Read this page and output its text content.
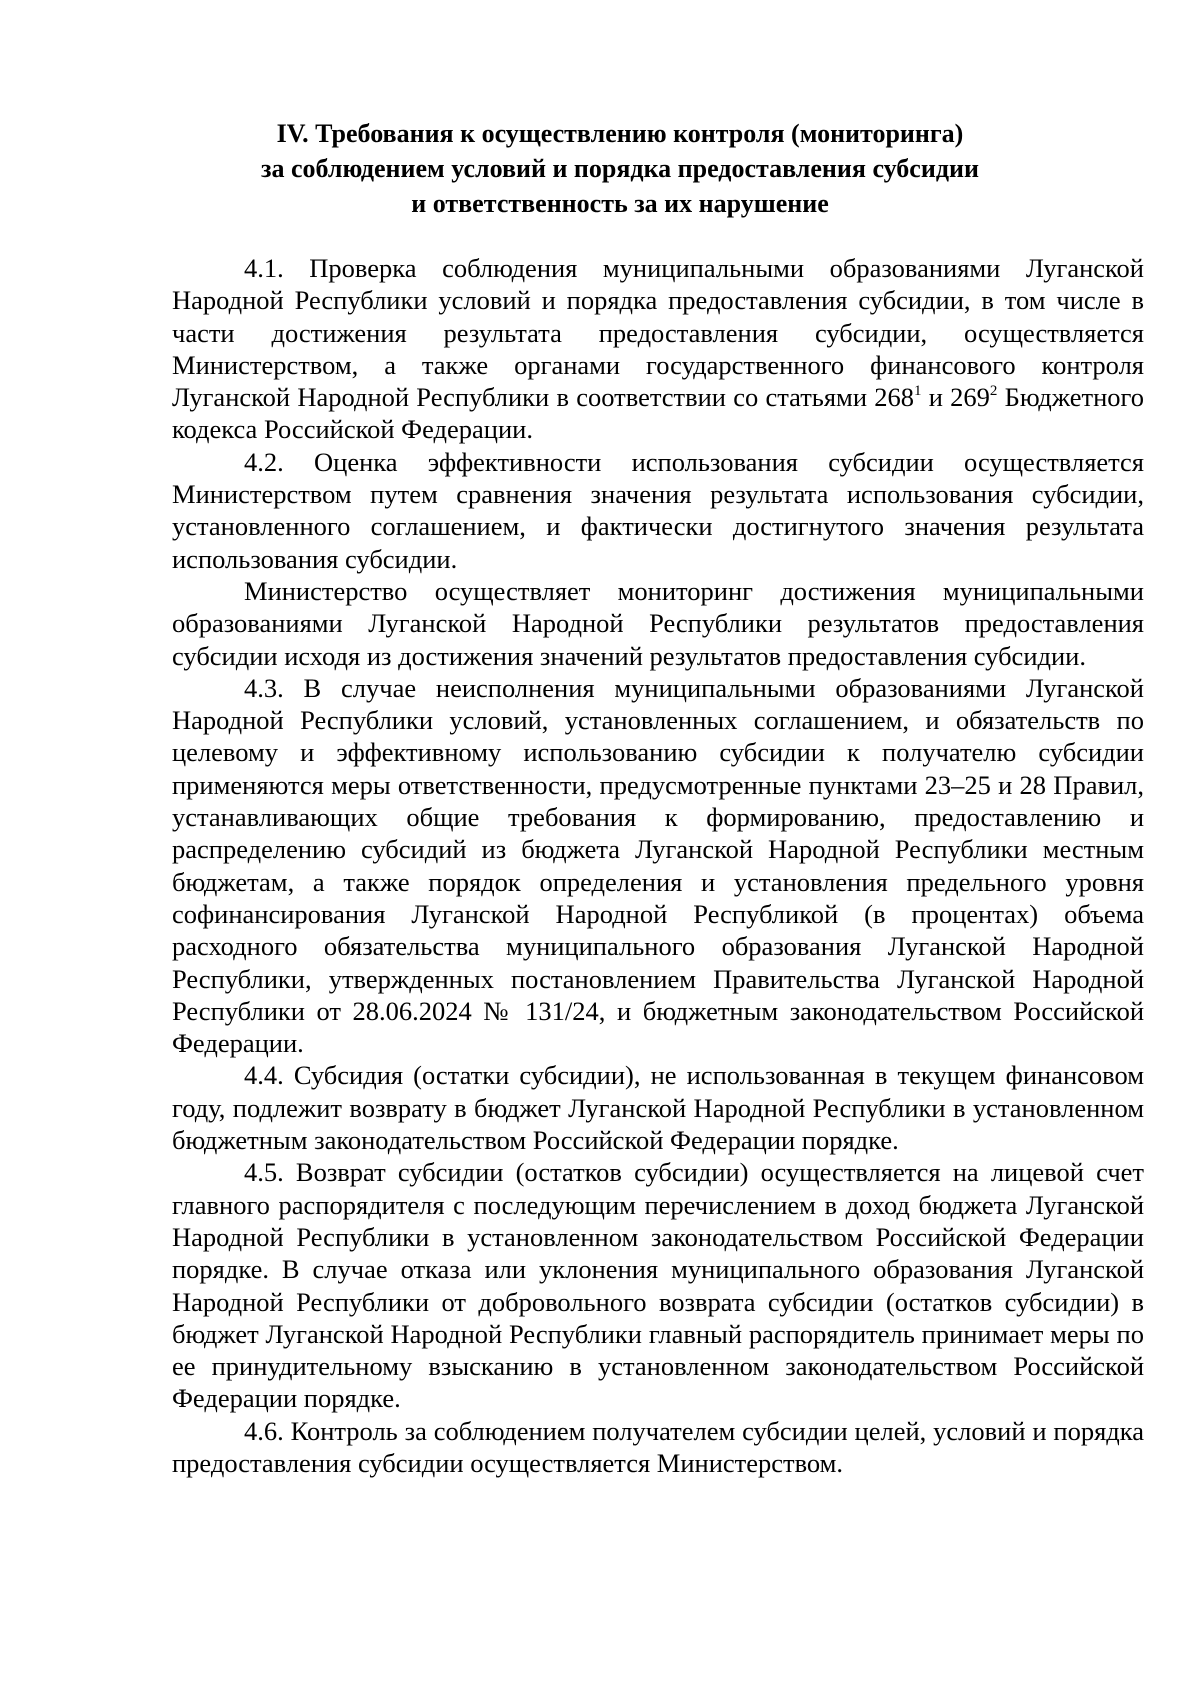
IV. Требования к осуществлению контроля (мониторинга)
за соблюдением условий и порядка предоставления субсидии
и ответственность за их нарушение

4.1. Проверка соблюдения муниципальными образованиями Луганской Народной Республики условий и порядка предоставления субсидии, в том числе в части достижения результата предоставления субсидии, осуществляется Министерством, а также органами государственного финансового контроля Луганской Народной Республики в соответствии со статьями 268$^1$ и 269$^2$ Бюджетного кодекса Российской Федерации.

4.2. Оценка эффективности использования субсидии осуществляется Министерством путем сравнения значения результата использования субсидии, установленного соглашением, и фактически достигнутого значения результата использования субсидии.

Министерство осуществляет мониторинг достижения муниципальными образованиями Луганской Народной Республики результатов предоставления субсидии исходя из достижения значений результатов предоставления субсидии.

4.3. В случае неисполнения муниципальными образованиями Луганской Народной Республики условий, установленных соглашением, и обязательств по целевому и эффективному использованию субсидии к получателю субсидии применяются меры ответственности, предусмотренные пунктами 23–25 и 28 Правил, устанавливающих общие требования к формированию, предоставлению и распределению субсидий из бюджета Луганской Народной Республики местным бюджетам, а также порядок определения и установления предельного уровня софинансирования Луганской Народной Республикой (в процентах) объема расходного обязательства муниципального образования Луганской Народной Республики, утвержденных постановлением Правительства Луганской Народной Республики от 28.06.2024 № 131/24, и бюджетным законодательством Российской Федерации.

4.4. Субсидия (остатки субсидии), не использованная в текущем финансовом году, подлежит возврату в бюджет Луганской Народной Республики в установленном бюджетным законодательством Российской Федерации порядке.

4.5. Возврат субсидии (остатков субсидии) осуществляется на лицевой счет главного распорядителя с последующим перечислением в доход бюджета Луганской Народной Республики в установленном законодательством Российской Федерации порядке. В случае отказа или уклонения муниципального образования Луганской Народной Республики от добровольного возврата субсидии (остатков субсидии) в бюджет Луганской Народной Республики главный распорядитель принимает меры по ее принудительному взысканию в установленном законодательством Российской Федерации порядке.

4.6. Контроль за соблюдением получателем субсидии целей, условий и порядка предоставления субсидии осуществляется Министерством.
